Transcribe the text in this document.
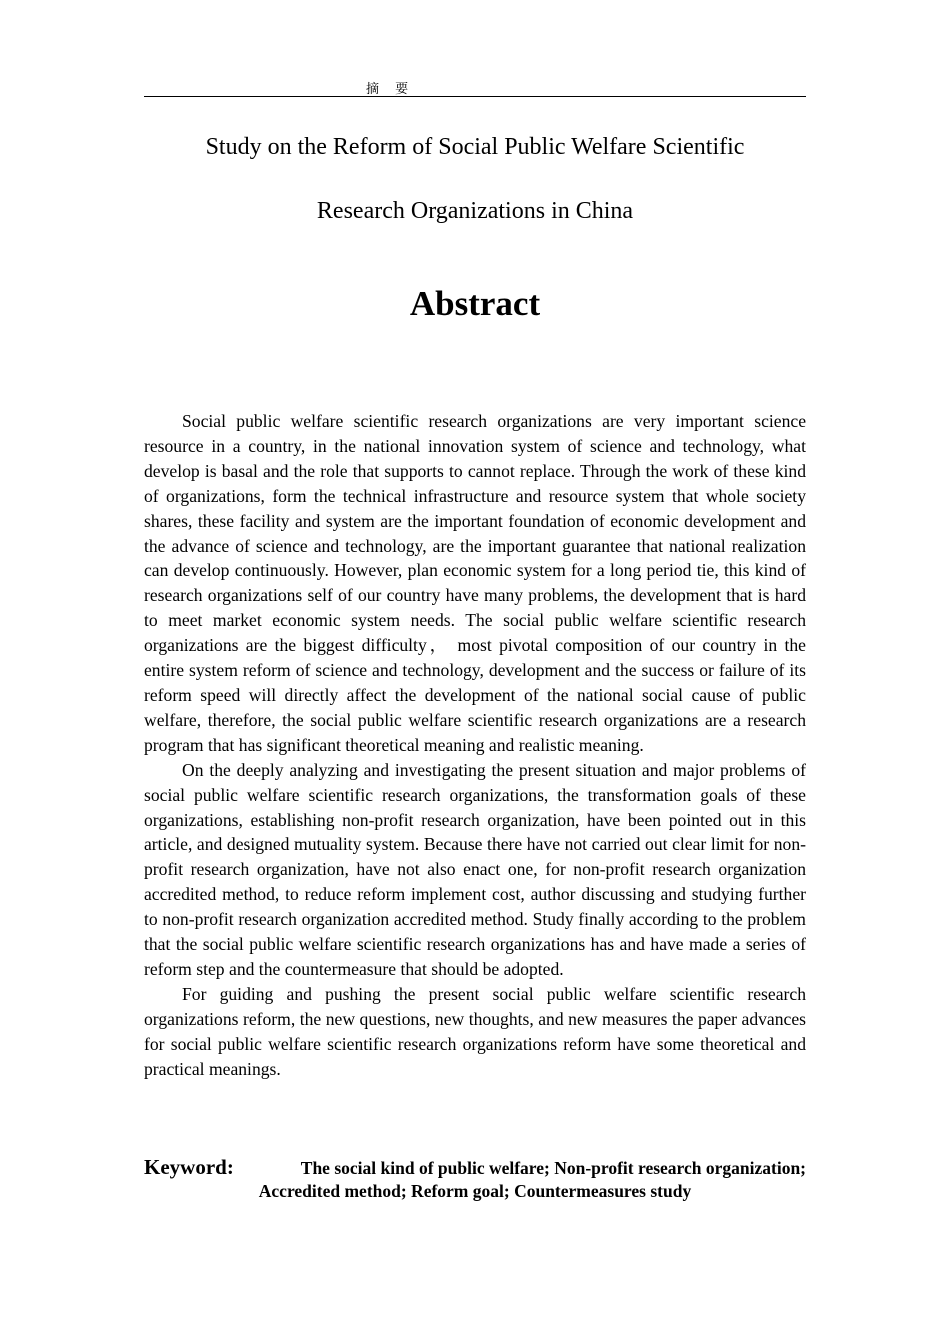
摘 要
Study on the Reform of Social Public Welfare Scientific
Research Organizations in China
Abstract

Social public welfare scientific research organizations are very important science resource in a country, in the national innovation system of science and technology, what develop is basal and the role that supports to cannot replace. Through the work of these kind of organizations, form the technical infrastructure and resource system that whole society shares, these facility and system are the important foundation of economic development and the advance of science and technology, are the important guarantee that national realization can develop continuously. However, plan economic system for a long period tie, this kind of research organizations self of our country have many problems, the development that is hard to meet market economic system needs. The social public welfare scientific research organizations are the biggest difficulty， most pivotal composition of our country in the entire system reform of science and technology, development and the success or failure of its reform speed will directly affect the development of the national social cause of public welfare, therefore, the social public welfare scientific research organizations are a research program that has significant theoretical meaning and realistic meaning.

On the deeply analyzing and investigating the present situation and major problems of social public welfare scientific research organizations, the transformation goals of these organizations, establishing non-profit research organization, have been pointed out in this article, and designed mutuality system. Because there have not carried out clear limit for non-profit research organization, have not also enact one, for non-profit research organization accredited method, to reduce reform implement cost, author discussing and studying further to non-profit research organization accredited method. Study finally according to the problem that the social public welfare scientific research organizations has and have made a series of reform step and the countermeasure that should be adopted.

For guiding and pushing the present social public welfare scientific research organizations reform, the new questions, new thoughts, and new measures the paper advances for social public welfare scientific research organizations reform have some theoretical and practical meanings.

Keyword:	The social kind of public welfare; Non-profit research organization;
Accredited method; Reform goal; Countermeasures study
